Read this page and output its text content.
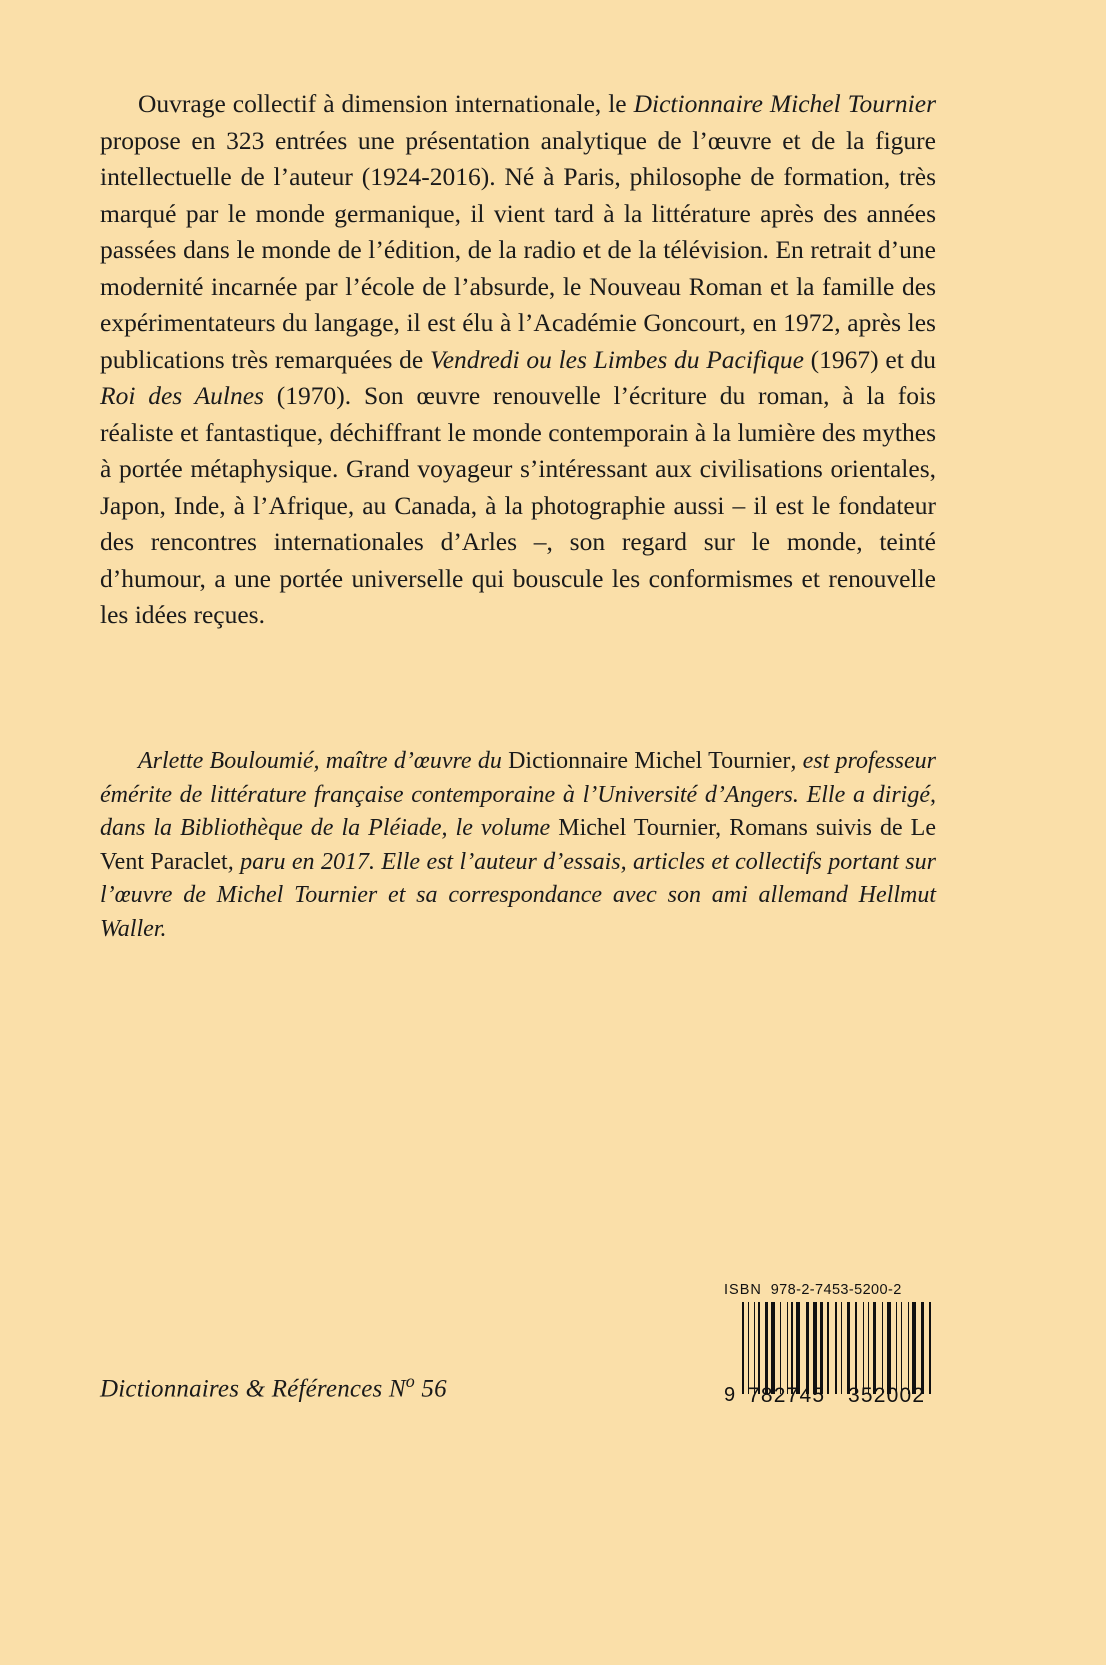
Ouvrage collectif à dimension internationale, le Dictionnaire Michel Tournier propose en 323 entrées une présentation analytique de l’œuvre et de la figure intellectuelle de l’auteur (1924-2016). Né à Paris, philosophe de formation, très marqué par le monde germanique, il vient tard à la littérature après des années passées dans le monde de l’édition, de la radio et de la télévision. En retrait d’une modernité incarnée par l’école de l’absurde, le Nouveau Roman et la famille des expérimentateurs du langage, il est élu à l’Académie Goncourt, en 1972, après les publications très remarquées de Vendredi ou les Limbes du Pacifique (1967) et du Roi des Aulnes (1970). Son œuvre renouvelle l’écriture du roman, à la fois réaliste et fantastique, déchiffrant le monde contemporain à la lumière des mythes à portée métaphysique. Grand voyageur s’intéressant aux civilisations orientales, Japon, Inde, à l’Afrique, au Canada, à la photographie aussi – il est le fondateur des rencontres internationales d’Arles –, son regard sur le monde, teinté d’humour, a une portée universelle qui bouscule les conformismes et renouvelle les idées reçues.

Arlette Bouloumié, maître d’œuvre du Dictionnaire Michel Tournier, est professeur émérite de littérature française contemporaine à l’Université d’Angers. Elle a dirigé, dans la Bibliothèque de la Pléiade, le volume Michel Tournier, Romans suivis de Le Vent Paraclet, paru en 2017. Elle est l’auteur d’essais, articles et collectifs portant sur l’œuvre de Michel Tournier et sa correspondance avec son ami allemand Hellmut Waller.

Dictionnaires & Références $N^o$ 56
ISBN 978-2-7453-5200-2
9 782745 352002
